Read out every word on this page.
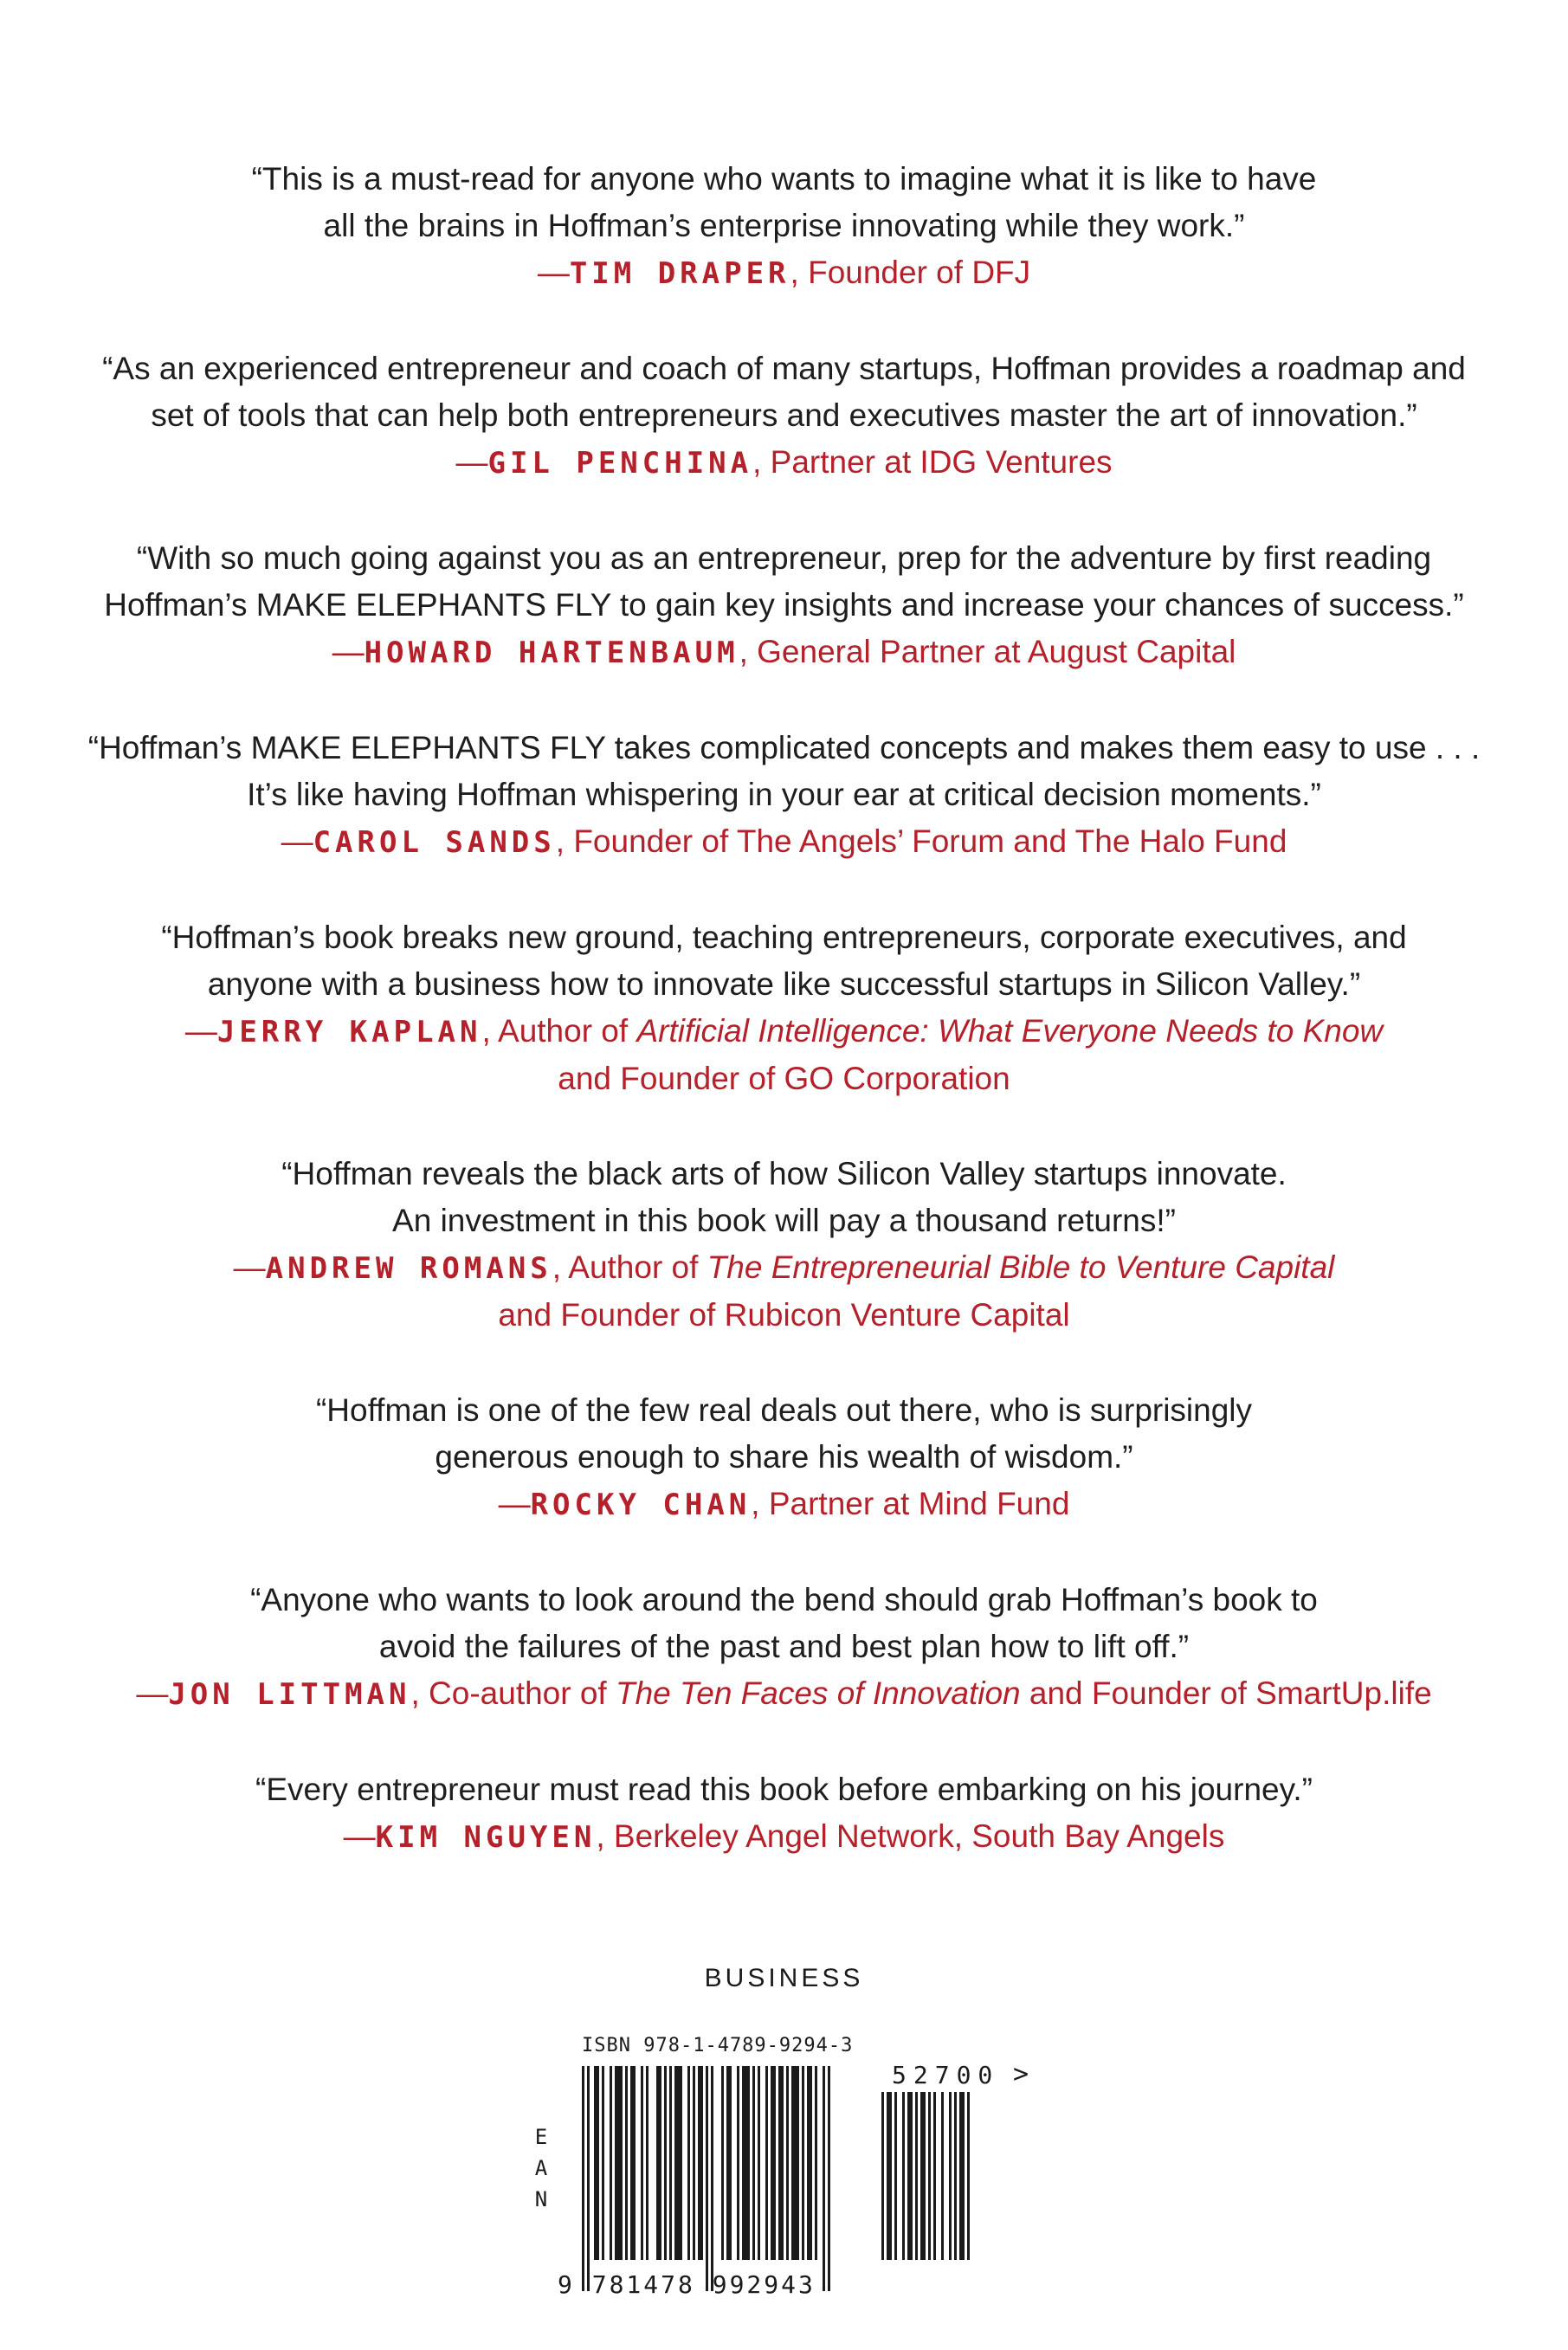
“This is a must-read for anyone who wants to imagine what it is like to have
all the brains in Hoffman’s enterprise innovating while they work.”
—TIM DRAPER, Founder of DFJ
“As an experienced entrepreneur and coach of many startups, Hoffman provides a roadmap and
set of tools that can help both entrepreneurs and executives master the art of innovation.”
—GIL PENCHINA, Partner at IDG Ventures
“With so much going against you as an entrepreneur, prep for the adventure by first reading
Hoffman’s MAKE ELEPHANTS FLY to gain key insights and increase your chances of success.”
—HOWARD HARTENBAUM, General Partner at August Capital
“Hoffman’s MAKE ELEPHANTS FLY takes complicated concepts and makes them easy to use . . .
It’s like having Hoffman whispering in your ear at critical decision moments.”
—CAROL SANDS, Founder of The Angels’ Forum and The Halo Fund
“Hoffman’s book breaks new ground, teaching entrepreneurs, corporate executives, and
anyone with a business how to innovate like successful startups in Silicon Valley.”
—JERRY KAPLAN, Author of Artificial Intelligence: What Everyone Needs to Know
and Founder of GO Corporation
“Hoffman reveals the black arts of how Silicon Valley startups innovate.
An investment in this book will pay a thousand returns!”
—ANDREW ROMANS, Author of The Entrepreneurial Bible to Venture Capital
and Founder of Rubicon Venture Capital
“Hoffman is one of the few real deals out there, who is surprisingly
generous enough to share his wealth of wisdom.”
—ROCKY CHAN, Partner at Mind Fund
“Anyone who wants to look around the bend should grab Hoffman’s book to
avoid the failures of the past and best plan how to lift off.”
—JON LITTMAN, Co-author of The Ten Faces of Innovation and Founder of SmartUp.life
“Every entrepreneur must read this book before embarking on his journey.”
—KIM NGUYEN, Berkeley Angel Network, South Bay Angels
BUSINESS
ISBN 978-1-4789-9294-3
E
A
N
9 781478 992943
52700 >
